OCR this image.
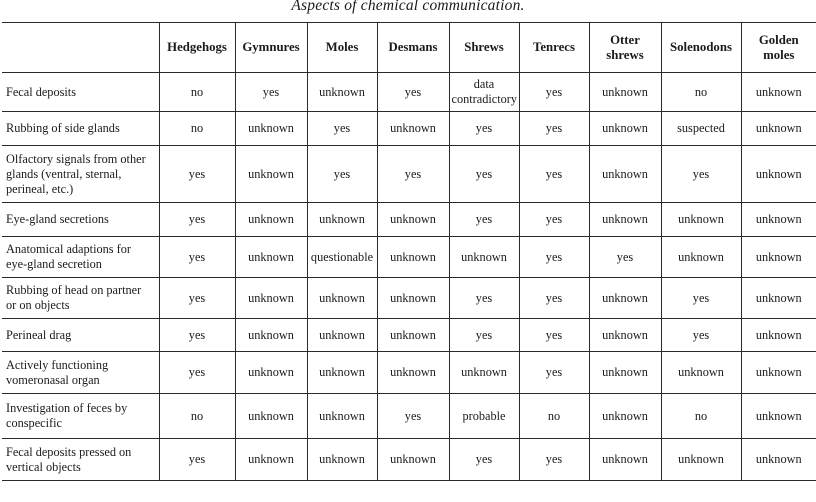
Aspects of chemical communication.
	Hedgehogs	Gymnures	Moles	Desmans	Shrews	Tenrecs	Otter shrews	Solenodons	Golden moles
Fecal deposits	no	yes	unknown	yes	data contradictory	yes	unknown	no	unknown
Rubbing of side glands	no	unknown	yes	unknown	yes	yes	unknown	suspected	unknown
Olfactory signals from other glands (ventral, sternal, perineal, etc.)	yes	unknown	yes	yes	yes	yes	unknown	yes	unknown
Eye-gland secretions	yes	unknown	unknown	unknown	yes	yes	unknown	unknown	unknown
Anatomical adaptions for eye-gland secretion	yes	unknown	questionable	unknown	unknown	yes	yes	unknown	unknown
Rubbing of head on partner or on objects	yes	unknown	unknown	unknown	yes	yes	unknown	yes	unknown
Perineal drag	yes	unknown	unknown	unknown	yes	yes	unknown	yes	unknown
Actively functioning vomeronasal organ	yes	unknown	unknown	unknown	unknown	yes	unknown	unknown	unknown
Investigation of feces by conspecific	no	unknown	unknown	yes	probable	no	unknown	no	unknown
Fecal deposits pressed on vertical objects	yes	unknown	unknown	unknown	yes	yes	unknown	unknown	unknown
